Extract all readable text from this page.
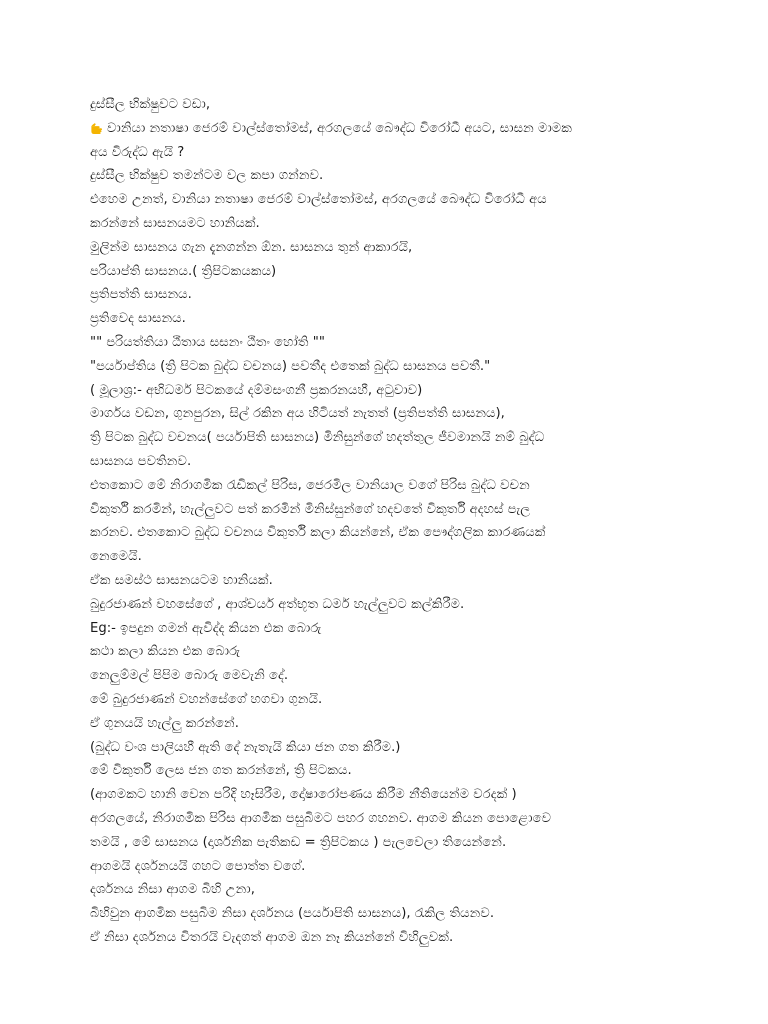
දුස්සීල භික්ෂුවට වඩා,
වානියා නතාෂා ජෙරම් වාල්ස්තෝමස්, අරගලයේ බෞද්ධ විරෝධී අයට, සාසන මාමක
අය විරුද්ධ ඇයි ?
දුස්සීල භික්ෂුව තමන්ටම වල කපා ගන්නව.
එහෙම උනත්, වානියා නතාෂා ජෙරම් වාල්ස්තෝමස්, අරගලයේ බෞද්ධ විරෝධී අය
කරන්නේ සාසනයමට හානියක්.
මුලින්ම සාසනය ගැන දැනගන්න ඕන. සාසනය තුන් ආකාරයි,
පරියාප්ති සාසනය.( ත්‍රිපිටකයකය)
ප්‍රතිපත්ති සාසනය.
ප්‍රතිවෙද සාසනය.
"" පරියත්තියා ඨීතාය සසනං ඨීතං හෝති ""
"පර්යාප්තිය (ත්‍රි පිටක බුද්ධ වචනය) පවතීද එතෙක් බුද්ධ සාසනය පවතී."
( මූලාශ්‍ර:- අභිධර්ම පිටකයේ දම්මසංගනී ප්‍රකරනයහී, අටුවාව)
මාර්ගය වඩන, ගුනපුරන, සිල් රකින අය හිටියත් නැතත් (ප්‍රතිපත්ති සාසනය),
ත්‍රි පිටක බුද්ධ වචනය( පර්යාපිති සාසනය) මිනිසුන්ගේ හදත්තුල ජීවමානයි නම් බුද්ධ
සාසනය පවතිනව.
එතකොට මේ නිරාගමික රැඩිකල් පිරිස, ජෙරමිල වානියාල වගේ පිරිස බුද්ධ වචන
විකුර්ති කරමින්, හැල්ලුවට පත් කරමින් මිනිස්සුන්ගේ හදවතේ විකුර්ති අදහස් පැල
කරනව. එතකොට බුද්ධ වචනය විකුර්ති කලා කියන්නේ, ඒක පෞද්ගලික කාරණයක්
නෙමෙයි.
ඒක සමස්ථ සාසනයටම හානියක්.
බුදුරජාණන් වහසේගේ , ආශ්චර්ය අත්භූත ධර්ම හැල්ලුවට කල්කිරීම.
Eg:- ඉපදුන ගමන් ඇවිද්ද කියන එක බොරු
කථා කලා කියන එක බොරු
නෙලුම්මල් පිපිම බොරු මෙවැනි දේ.
මේ බුදුරජාණන් වහන්සේගේ හගවා ගුනයි.
ඒ ගුනයයි හැල්ලු කරන්නේ.
(බුද්ධ වංශ පාලියහී ඇති දේ නැතැයි කියා ජන ගත කිරීම.)
මේ විකුර්ති ලෙස ජන ගත කරන්නේ, ත්‍රි පිටකය.
(ආගමකට හානි වෙන පරිදි හෑසිරීම, දෝෂාරෝපණය කිරීම නීතියෙන්ම වරදක් )
අරගලයේ, නිරාගමික පිරිස ආගමික පසුබිමට පහර ගහනව. ආගම කියන පොළොවෙ
තමයි , මේ සාසනය (දාර්ශනික පැතිකඩ = ත්‍රිපිටකය ) පැලවෙලා තියෙන්නේ.
ආගමයි දර්ශනයයි ගහට පොත්ත වගේ.
දර්ශනය නිසා ආගම බිහි උනා,
බිහිවුන ආගමික පසුබිම නිසා දර්ශනය (පර්යාපිති සාසනය), රැකිල තියනව.
ඒ නිසා දර්ශනය විතරයි වැදගත් ආගම ඔන නෑ කියන්නේ විහිලුවක්.
